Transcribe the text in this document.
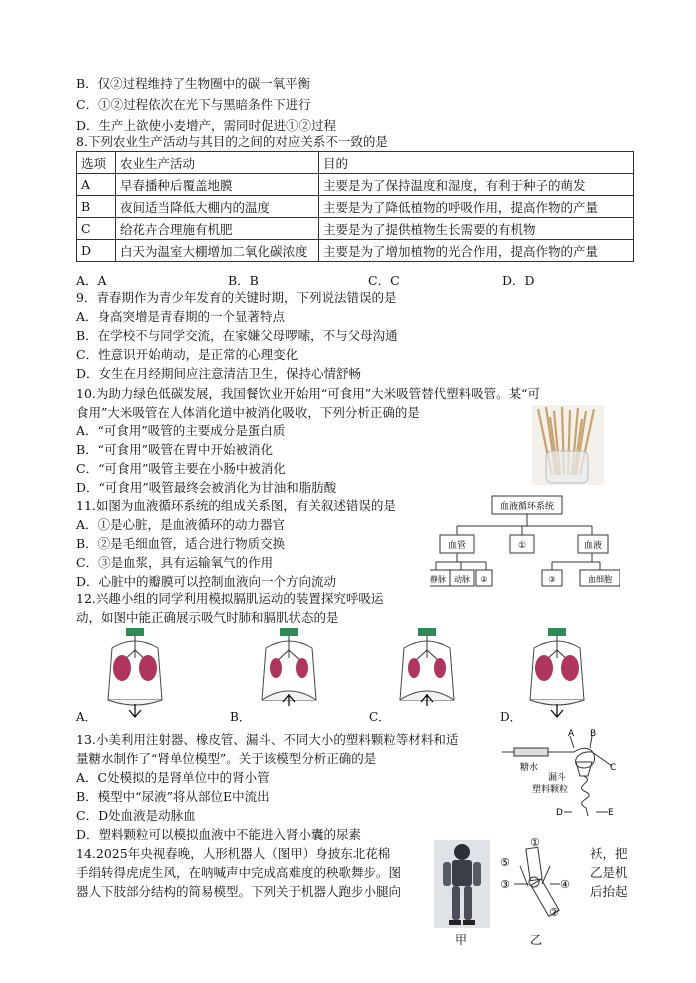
B．仅②过程维持了生物圈中的碳一氧平衡
C．①②过程依次在光下与黑暗条件下进行
D．生产上欲使小麦增产，需同时促进①②过程
8.下列农业生产活动与其目的之间的对应关系不一致的是
选项	农业生产活动	目的
A	早春播种后覆盖地膜	主要是为了保持温度和湿度，有利于种子的萌发
B	夜间适当降低大棚内的温度	主要是为了降低植物的呼吸作用，提高作物的产量
C	给花卉合理施有机肥	主要是为了提供植物生长需要的有机物
D	白天为温室大棚增加二氧化碳浓度	主要是为了增加植物的光合作用，提高作物的产量
A．A	B．B	C．C	D．D
9．青春期作为青少年发育的关键时期，下列说法错误的是
A．身高突增是青春期的一个显著特点
B．在学校不与同学交流，在家嫌父母啰嗦，不与父母沟通
C．性意识开始萌动，是正常的心理变化
D．女生在月经期间应注意清洁卫生，保持心情舒畅
10.为助力绿色低碳发展，我国餐饮业开始用“可食用”大米吸管替代塑料吸管。某“可
食用”大米吸管在人体消化道中被消化吸收，下列分析正确的是
A．“可食用”吸管的主要成分是蛋白质
B．“可食用”吸管在胃中开始被消化
C．“可食用”吸管主要在小肠中被消化
D．“可食用”吸管最终会被消化为甘油和脂肪酸
11.如图为血液循环系统的组成关系图，有关叙述错误的是
A．①是心脏，是血液循环的动力器官
B．②是毛细血管，适合进行物质交换
C．③是血浆，具有运输氧气的作用
D．心脏中的瓣膜可以控制血液向一个方向流动
血液循环系统
血管	①	血液
静脉 动脉 ②	③	血细胞
12.兴趣小组的同学利用模拟膈肌运动的装置探究呼吸运
动，如图中能正确展示吸气时肺和膈肌状态的是
A．	B．	C．	D．
13.小美利用注射器、橡皮管、漏斗、不同大小的塑料颗粒等材料和适
量糖水制作了“肾单位模型”。关于该模型分析正确的是
A．C处模拟的是肾单位中的肾小管
B．模型中“尿液”将从部位E中流出
C．D处血液是动脉血
D．塑料颗粒可以模拟血液中不能进入肾小囊的尿素
A B
C
D	E
糖水
漏斗
塑料颗粒
14.2025年央视春晚，人形机器人（图甲）身披东北花棉	袄，把
手绢转得虎虎生风，在呐喊声中完成高难度的秧歌舞步。图	乙是机
器人下肢部分结构的简易模型。下列关于机器人跑步小腿向	后抬起
甲
①
②
③	④
⑤
乙
